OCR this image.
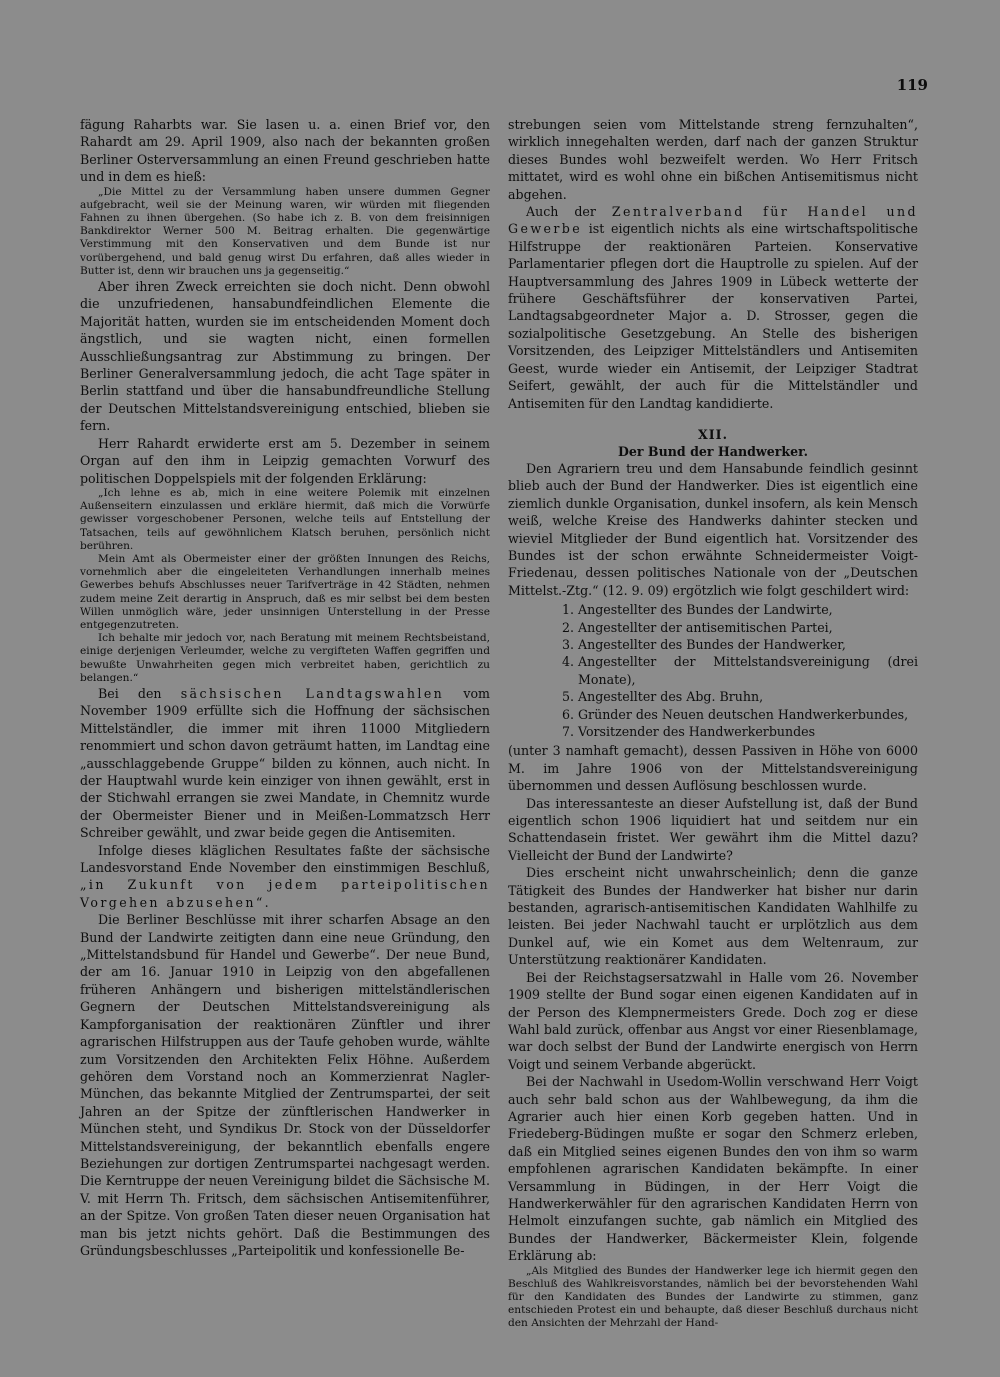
119

fägung Raharbts war. Sie lasen u. a. einen Brief vor, den Rahardt am 29. April 1909, also nach der bekannten großen Berliner Osterversammlung an einen Freund geschrieben hatte und in dem es hieß:

„Die Mittel zu der Versammlung haben unsere dummen Gegner aufgebracht, weil sie der Meinung waren, wir würden mit fliegenden Fahnen zu ihnen übergehen. (So habe ich z. B. von dem freisinnigen Bankdirektor Werner 500 M. Beitrag erhalten. Die gegenwärtige Verstimmung mit den Konservativen und dem Bunde ist nur vorübergehend, und bald genug wirst Du erfahren, daß alles wieder in Butter ist, denn wir brauchen uns ja gegenseitig.“

Aber ihren Zweck erreichten sie doch nicht. Denn obwohl die unzufriedenen, hansabundfeindlichen Elemente die Majorität hatten, wurden sie im entscheidenden Moment doch ängstlich, und sie wagten nicht, einen formellen Ausschließungsantrag zur Abstimmung zu bringen. Der Berliner Generalversammlung jedoch, die acht Tage später in Berlin stattfand und über die hansabundfreundliche Stellung der Deutschen Mittelstandsvereinigung entschied, blieben sie fern.

Herr Rahardt erwiderte erst am 5. Dezember in seinem Organ auf den ihm in Leipzig gemachten Vorwurf des politischen Doppelspiels mit der folgenden Erklärung:

„Ich lehne es ab, mich in eine weitere Polemik mit einzelnen Außenseitern einzulassen und erkläre hiermit, daß mich die Vorwürfe gewisser vorgeschobener Personen, welche teils auf Entstellung der Tatsachen, teils auf gewöhnlichem Klatsch beruhen, persönlich nicht berühren.

Mein Amt als Obermeister einer der größten Innungen des Reichs, vornehmlich aber die eingeleiteten Verhandlungen innerhalb meines Gewerbes behufs Abschlusses neuer Tarifverträge in 42 Städten, nehmen zudem meine Zeit derartig in Anspruch, daß es mir selbst bei dem besten Willen unmöglich wäre, jeder unsinnigen Unterstellung in der Presse entgegenzutreten.

Ich behalte mir jedoch vor, nach Beratung mit meinem Rechtsbeistand, einige derjenigen Verleumder, welche zu vergifteten Waffen gegriffen und bewußte Unwahrheiten gegen mich verbreitet haben, gerichtlich zu belangen.“

Bei den sächsischen Landtagswahlen vom November 1909 erfüllte sich die Hoffnung der sächsischen Mittelständler, die immer mit ihren 11000 Mitgliedern renommiert und schon davon geträumt hatten, im Landtag eine „ausschlaggebende Gruppe“ bilden zu können, auch nicht. In der Hauptwahl wurde kein einziger von ihnen gewählt, erst in der Stichwahl errangen sie zwei Mandate, in Chemnitz wurde der Obermeister Biener und in Meißen-Lommatzsch Herr Schreiber gewählt, und zwar beide gegen die Antisemiten.

Infolge dieses kläglichen Resultates faßte der sächsische Landesvorstand Ende November den einstimmigen Beschluß, „in Zukunft von jedem parteipolitischen Vorgehen abzusehen“.

Die Berliner Beschlüsse mit ihrer scharfen Absage an den Bund der Landwirte zeitigten dann eine neue Gründung, den „Mittelstandsbund für Handel und Gewerbe“. Der neue Bund, der am 16. Januar 1910 in Leipzig von den abgefallenen früheren Anhängern und bisherigen mittelständlerischen Gegnern der Deutschen Mittelstandsvereinigung als Kampforganisation der reaktionären Zünftler und ihrer agrarischen Hilfstruppen aus der Taufe gehoben wurde, wählte zum Vorsitzenden den Architekten Felix Höhne. Außerdem gehören dem Vorstand noch an Kommerzienrat Nagler-München, das bekannte Mitglied der Zentrumspartei, der seit Jahren an der Spitze der zünftlerischen Handwerker in München steht, und Syndikus Dr. Stock von der Düsseldorfer Mittelstandsvereinigung, der bekanntlich ebenfalls engere Beziehungen zur dortigen Zentrumspartei nachgesagt werden. Die Kerntruppe der neuen Vereinigung bildet die Sächsische M. V. mit Herrn Th. Fritsch, dem sächsischen Antisemitenführer, an der Spitze. Von großen Taten dieser neuen Organisation hat man bis jetzt nichts gehört. Daß die Bestimmungen des Gründungsbeschlusses „Parteipolitik und konfessionelle Be-

strebungen seien vom Mittelstande streng fernzuhalten“, wirklich innegehalten werden, darf nach der ganzen Struktur dieses Bundes wohl bezweifelt werden. Wo Herr Fritsch mittatet, wird es wohl ohne ein bißchen Antisemitismus nicht abgehen.

Auch der Zentralverband für Handel und Gewerbe ist eigentlich nichts als eine wirtschaftspolitische Hilfstruppe der reaktionären Parteien. Konservative Parlamentarier pflegen dort die Hauptrolle zu spielen. Auf der Hauptversammlung des Jahres 1909 in Lübeck wetterte der frühere Geschäftsführer der konservativen Partei, Landtagsabgeordneter Major a. D. Strosser, gegen die sozialpolitische Gesetzgebung. An Stelle des bisherigen Vorsitzenden, des Leipziger Mittelständlers und Antisemiten Geest, wurde wieder ein Antisemit, der Leipziger Stadtrat Seifert, gewählt, der auch für die Mittelständler und Antisemiten für den Landtag kandidierte.

XII.
Der Bund der Handwerker.

Den Agrariern treu und dem Hansabunde feindlich gesinnt blieb auch der Bund der Handwerker. Dies ist eigentlich eine ziemlich dunkle Organisation, dunkel insofern, als kein Mensch weiß, welche Kreise des Handwerks dahinter stecken und wieviel Mitglieder der Bund eigentlich hat. Vorsitzender des Bundes ist der schon erwähnte Schneidermeister Voigt-Friedenau, dessen politisches Nationale von der „Deutschen Mittelst.-Ztg.“ (12. 9. 09) ergötzlich wie folgt geschildert wird:

1. Angestellter des Bundes der Landwirte,
2. Angestellter der antisemitischen Partei,
3. Angestellter des Bundes der Handwerker,
4. Angestellter der Mittelstandsvereinigung (drei Monate),
5. Angestellter des Abg. Bruhn,
6. Gründer des Neuen deutschen Handwerkerbundes,
7. Vorsitzender des Handwerkerbundes

(unter 3 namhaft gemacht), dessen Passiven in Höhe von 6000 M. im Jahre 1906 von der Mittelstandsvereinigung übernommen und dessen Auflösung beschlossen wurde.

Das interessanteste an dieser Aufstellung ist, daß der Bund eigentlich schon 1906 liquidiert hat und seitdem nur ein Schattendasein fristet. Wer gewährt ihm die Mittel dazu? Vielleicht der Bund der Landwirte?

Dies erscheint nicht unwahrscheinlich; denn die ganze Tätigkeit des Bundes der Handwerker hat bisher nur darin bestanden, agrarisch-antisemitischen Kandidaten Wahlhilfe zu leisten. Bei jeder Nachwahl taucht er urplötzlich aus dem Dunkel auf, wie ein Komet aus dem Weltenraum, zur Unterstützung reaktionärer Kandidaten.

Bei der Reichstagsersatzwahl in Halle vom 26. November 1909 stellte der Bund sogar einen eigenen Kandidaten auf in der Person des Klempnermeisters Grede. Doch zog er diese Wahl bald zurück, offenbar aus Angst vor einer Riesenblamage, war doch selbst der Bund der Landwirte energisch von Herrn Voigt und seinem Verbande abgerückt.

Bei der Nachwahl in Usedom-Wollin verschwand Herr Voigt auch sehr bald schon aus der Wahlbewegung, da ihm die Agrarier auch hier einen Korb gegeben hatten. Und in Friedeberg-Büdingen mußte er sogar den Schmerz erleben, daß ein Mitglied seines eigenen Bundes den von ihm so warm empfohlenen agrarischen Kandidaten bekämpfte. In einer Versammlung in Büdingen, in der Herr Voigt die Handwerkerwähler für den agrarischen Kandidaten Herrn von Helmolt einzufangen suchte, gab nämlich ein Mitglied des Bundes der Handwerker, Bäckermeister Klein, folgende Erklärung ab:

„Als Mitglied des Bundes der Handwerker lege ich hiermit gegen den Beschluß des Wahlkreisvorstandes, nämlich bei der bevorstehenden Wahl für den Kandidaten des Bundes der Landwirte zu stimmen, ganz entschieden Protest ein und behaupte, daß dieser Beschluß durchaus nicht den Ansichten der Mehrzahl der Hand-
